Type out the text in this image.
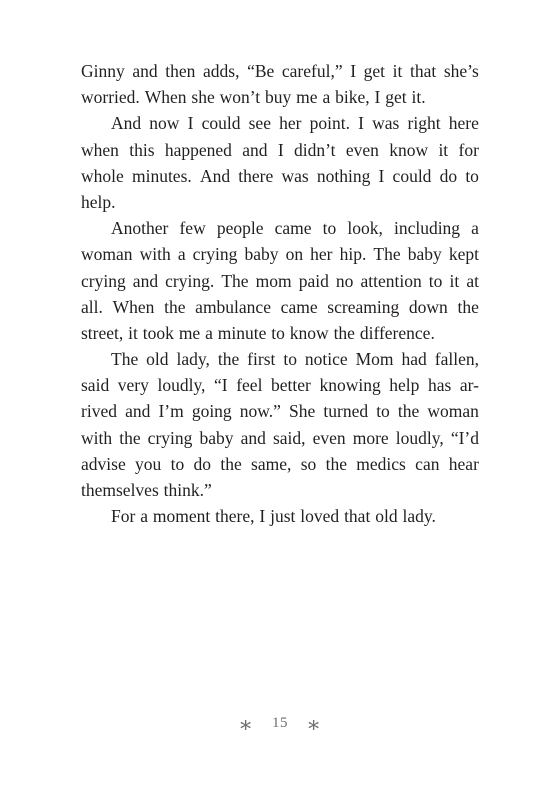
Ginny and then adds, “Be careful,” I get it that she’s
worried. When she won’t buy me a bike, I get it.
And now I could see her point. I was right here
when this happened and I didn’t even know it for
whole minutes. And there was nothing I could do to
help.
Another few people came to look, including a
woman with a crying baby on her hip. The baby kept
crying and crying. The mom paid no attention to it at
all. When the ambulance came screaming down the
street, it took me a minute to know the difference.
The old lady, the first to notice Mom had fallen,
said very loudly, “I feel better knowing help has ar-
rived and I’m going now.” She turned to the woman
with the crying baby and said, even more loudly, “I’d
advise you to do the same, so the medics can hear
themselves think.”
For a moment there, I just loved that old lady.
∗ 15 ∗
